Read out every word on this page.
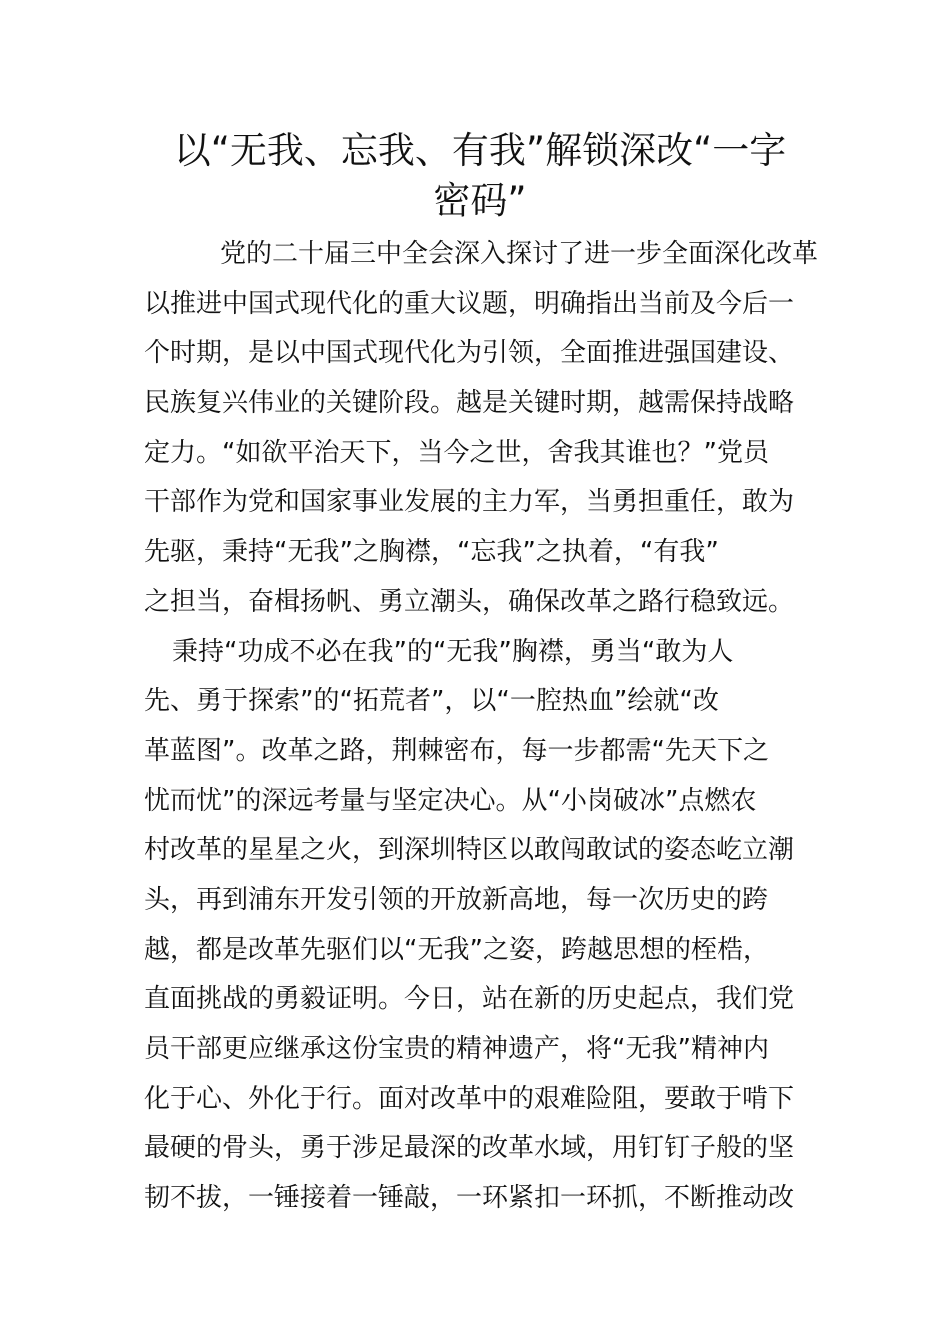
以“无我、忘我、有我”解锁深改“一字
密码”
党的二十届三中全会深入探讨了进一步全面深化改革
以推进中国式现代化的重大议题，明确指出当前及今后一
个时期，是以中国式现代化为引领，全面推进强国建设、
民族复兴伟业的关键阶段。越是关键时期，越需保持战略
定力。“如欲平治天下，当今之世，舍我其谁也？”党员
干部作为党和国家事业发展的主力军，当勇担重任，敢为
先驱，秉持“无我”之胸襟，“忘我”之执着，“有我”
之担当，奋楫扬帆、勇立潮头，确保改革之路行稳致远。
秉持“功成不必在我”的“无我”胸襟，勇当“敢为人
先、勇于探索”的“拓荒者”，以“一腔热血”绘就“改
革蓝图”。改革之路，荆棘密布，每一步都需“先天下之
忧而忧”的深远考量与坚定决心。从“小岗破冰”点燃农
村改革的星星之火，到深圳特区以敢闯敢试的姿态屹立潮
头，再到浦东开发引领的开放新高地，每一次历史的跨
越，都是改革先驱们以“无我”之姿，跨越思想的桎梏，
直面挑战的勇毅证明。今日，站在新的历史起点，我们党
员干部更应继承这份宝贵的精神遗产，将“无我”精神内
化于心、外化于行。面对改革中的艰难险阻，要敢于啃下
最硬的骨头，勇于涉足最深的改革水域，用钉钉子般的坚
韧不拔，一锤接着一锤敲，一环紧扣一环抓，不断推动改
